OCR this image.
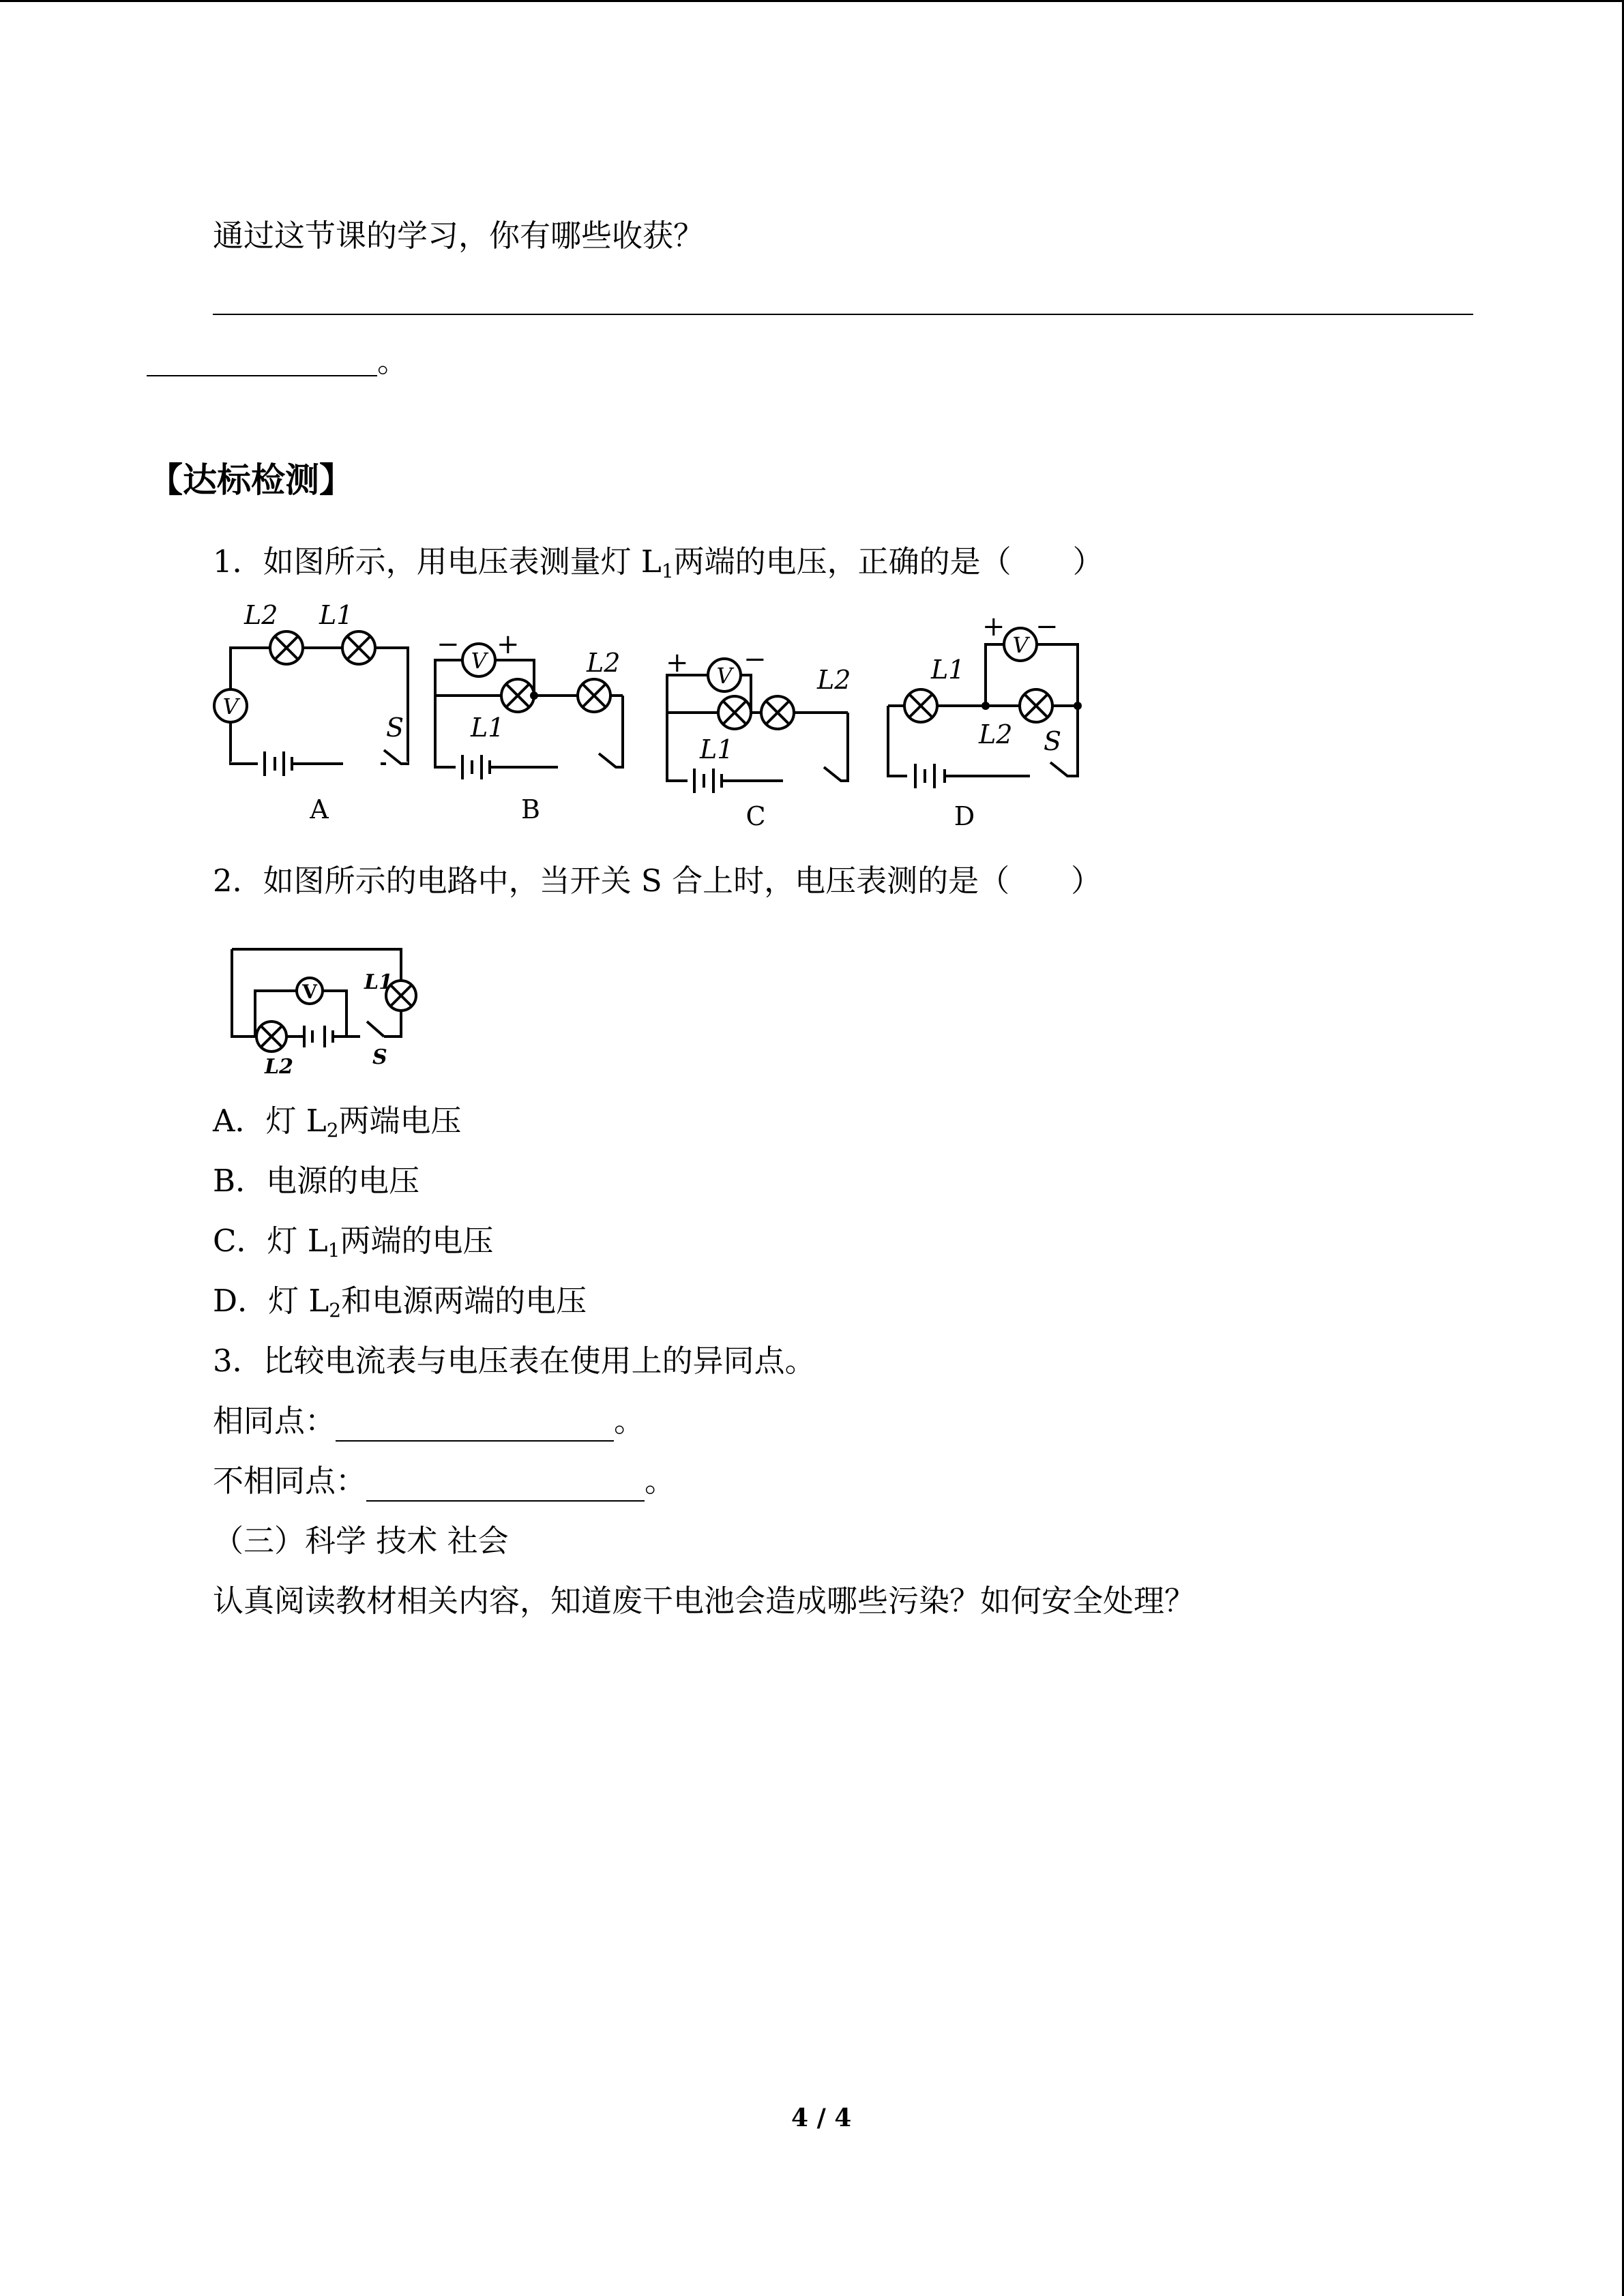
通过这节课的学习，你有哪些收获？
。
【达标检测】
1．如图所示，用电压表测量灯 $L_1$两端的电压，正确的是（　　）
V
L2 L1
S
A
V
− +
L1
L2
B
V
+ −
L1
L2
C
V
+ −
L1
L2 S
D
2．如图所示的电路中，当开关 S 合上时，电压表测的是（　　）
V L1
L2	S
A．灯 $L_2$两端电压
B．电源的电压
C．灯 $L_1$两端的电压
D．灯 $L_2$和电源两端的电压
3．比较电流表与电压表在使用上的异同点。
相同点：	。
不相同点：	。
（三）科学 技术 社会
认真阅读教材相关内容，知道废干电池会造成哪些污染？如何安全处理？
4 / 4
